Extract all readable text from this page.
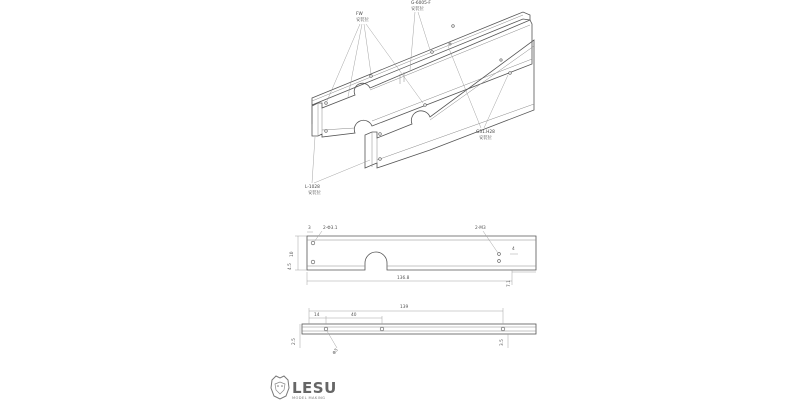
FW
安装位
G-6005-F
安装位
G31.H28
安装位
L-1028
安装位
3	2-Φ3.1	2-M3
10
4.5
4
136.8
7.1
139
14	40
2.5	3.5
Φ3
LESU
MODEL MAKING
